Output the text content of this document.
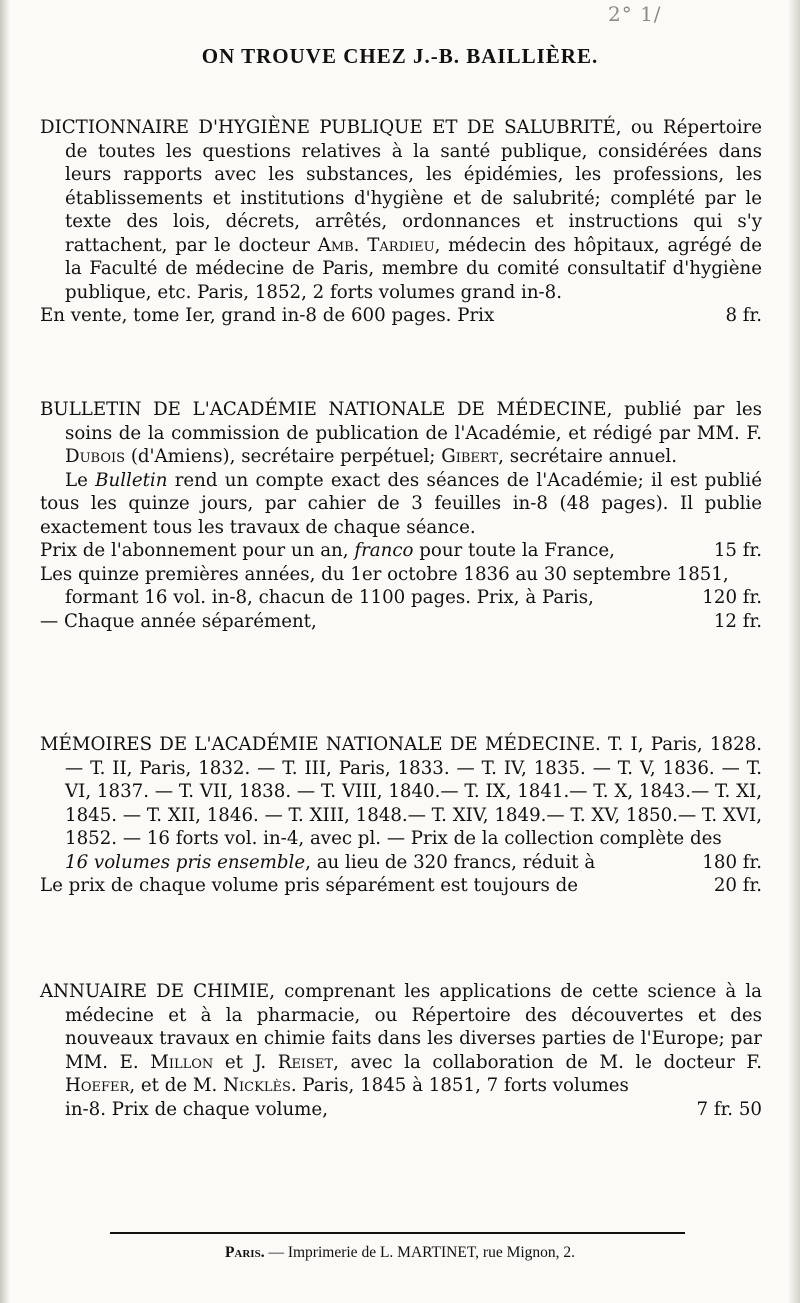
2° 1/
ON TROUVE CHEZ J.-B. BAILLIÈRE.

DICTIONNAIRE D'HYGIÈNE PUBLIQUE ET DE SALUBRITÉ, ou Répertoire de toutes les questions relatives à la santé publique, considérées dans leurs rapports avec les substances, les épidémies, les professions, les établissements et institutions d'hygiène et de salubrité; complété par le texte des lois, décrets, arrêtés, ordonnances et instructions qui s'y rattachent, par le docteur Amb. Tardieu, médecin des hôpitaux, agrégé de la Faculté de médecine de Paris, membre du comité consultatif d'hygiène publique, etc. Paris, 1852, 2 forts volumes grand in-8.

En vente, tome Ier, grand in-8 de 600 pages. Prix	8 fr.

BULLETIN DE L'ACADÉMIE NATIONALE DE MÉDECINE, publié par les soins de la commission de publication de l'Académie, et rédigé par MM. F. Dubois (d'Amiens), secrétaire perpétuel; Gibert, secrétaire annuel.

Le Bulletin rend un compte exact des séances de l'Académie; il est publié tous les quinze jours, par cahier de 3 feuilles in-8 (48 pages). Il publie exactement tous les travaux de chaque séance.

Prix de l'abonnement pour un an, franco pour toute la France,	15 fr.
Les quinze premières années, du 1er octobre 1836 au 30 septembre 1851,
formant 16 vol. in-8, chacun de 1100 pages. Prix, à Paris,	120 fr.
— Chaque année séparément,	12 fr.

MÉMOIRES DE L'ACADÉMIE NATIONALE DE MÉDECINE. T. I, Paris, 1828. — T. II, Paris, 1832. — T. III, Paris, 1833. — T. IV, 1835. — T. V, 1836. — T. VI, 1837. — T. VII, 1838. — T. VIII, 1840.— T. IX, 1841.— T. X, 1843.— T. XI, 1845. — T. XII, 1846. — T. XIII, 1848.— T. XIV, 1849.— T. XV, 1850.— T. XVI, 1852. — 16 forts vol. in-4, avec pl. — Prix de la collection complète des

16 volumes pris ensemble, au lieu de 320 francs, réduit à	180 fr.
Le prix de chaque volume pris séparément est toujours de	20 fr.

ANNUAIRE DE CHIMIE, comprenant les applications de cette science à la médecine et à la pharmacie, ou Répertoire des découvertes et des nouveaux travaux en chimie faits dans les diverses parties de l'Europe; par MM. E. Millon et J. Reiset, avec la collaboration de M. le docteur F. Hoefer, et de M. Nicklès. Paris, 1845 à 1851, 7 forts volumes

in-8. Prix de chaque volume,	7 fr. 50
Paris. — Imprimerie de L. MARTINET, rue Mignon, 2.
